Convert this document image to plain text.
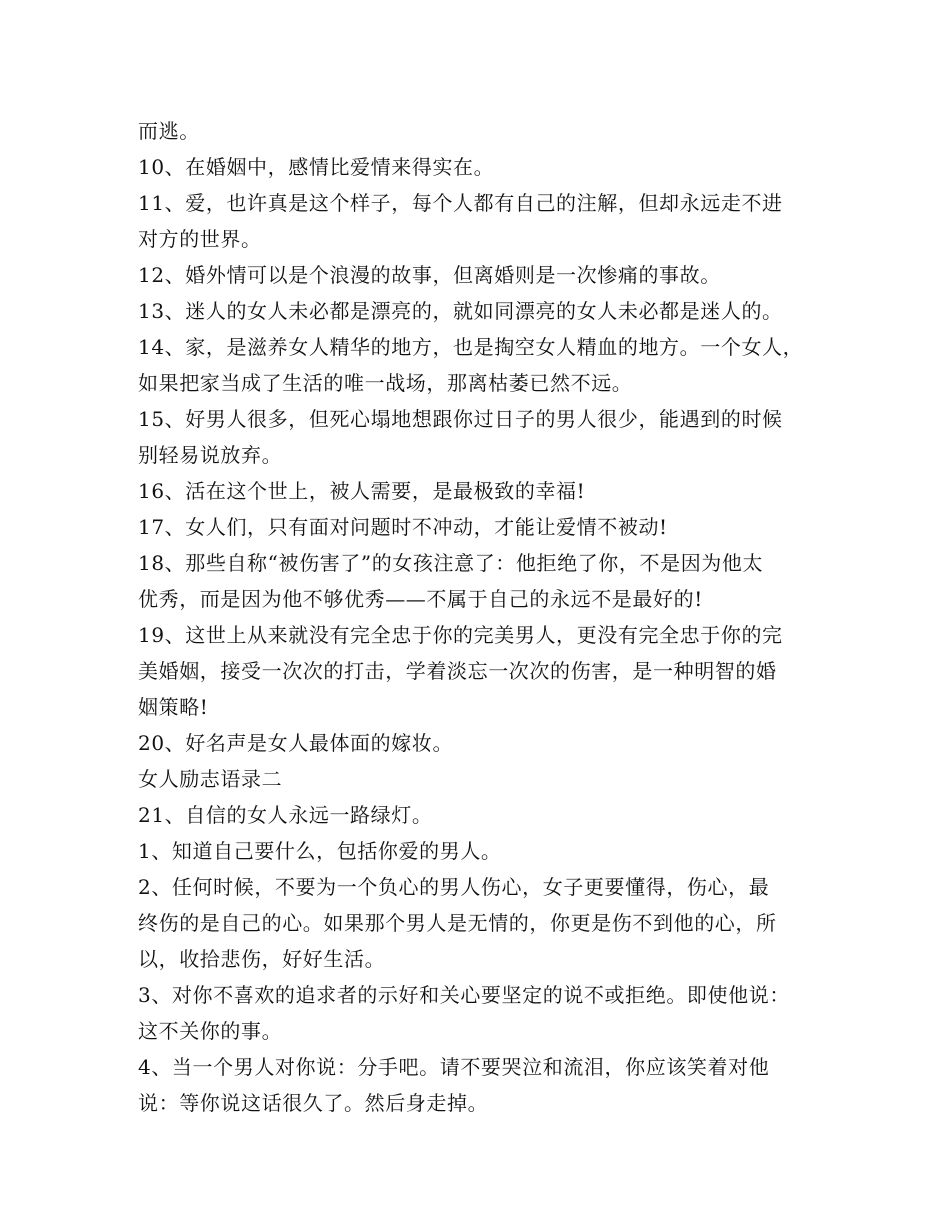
而逃。
10、在婚姻中，感情比爱情来得实在。
11、爱，也许真是这个样子，每个人都有自己的注解，但却永远走不进
对方的世界。
12、婚外情可以是个浪漫的故事，但离婚则是一次惨痛的事故。
13、迷人的女人未必都是漂亮的，就如同漂亮的女人未必都是迷人的。
14、家，是滋养女人精华的地方，也是掏空女人精血的地方。一个女人，
如果把家当成了生活的唯一战场，那离枯萎已然不远。
15、好男人很多，但死心塌地想跟你过日子的男人很少，能遇到的时候
别轻易说放弃。
16、活在这个世上，被人需要，是最极致的幸福!
17、女人们，只有面对问题时不冲动，才能让爱情不被动!
18、那些自称“被伤害了”的女孩注意了：他拒绝了你，不是因为他太
优秀，而是因为他不够优秀——不属于自己的永远不是最好的!
19、这世上从来就没有完全忠于你的完美男人，更没有完全忠于你的完
美婚姻，接受一次次的打击，学着淡忘一次次的伤害，是一种明智的婚
姻策略!
20、好名声是女人最体面的嫁妆。
女人励志语录二
21、自信的女人永远一路绿灯。
1、知道自己要什么，包括你爱的男人。
2、任何时候，不要为一个负心的男人伤心，女子更要懂得，伤心，最
终伤的是自己的心。如果那个男人是无情的，你更是伤不到他的心，所
以，收拾悲伤，好好生活。
3、对你不喜欢的追求者的示好和关心要坚定的说不或拒绝。即使他说：
这不关你的事。
4、当一个男人对你说：分手吧。请不要哭泣和流泪，你应该笑着对他
说：等你说这话很久了。然后身走掉。
